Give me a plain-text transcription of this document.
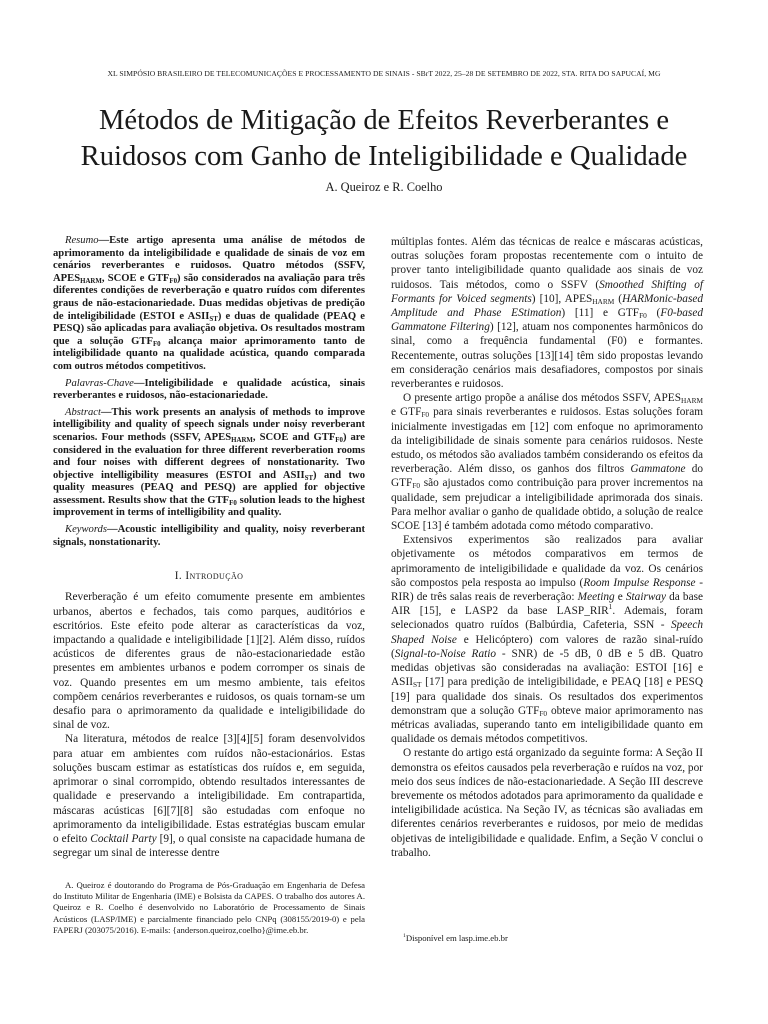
XL SIMPÓSIO BRASILEIRO DE TELECOMUNICAÇÕES E PROCESSAMENTO DE SINAIS - SBrT 2022, 25–28 DE SETEMBRO DE 2022, STA. RITA DO SAPUCAÍ, MG
Métodos de Mitigação de Efeitos Reverberantes e
Ruidosos com Ganho de Inteligibilidade e Qualidade
A. Queiroz e R. Coelho

Resumo—Este artigo apresenta uma análise de métodos de aprimoramento da inteligibilidade e qualidade de sinais de voz em cenários reverberantes e ruidosos. Quatro métodos (SSFV, $APES_{HARM}$, SCOE e $GTF_{F0}$) são considerados na avaliação para três diferentes condições de reverberação e quatro ruídos com diferentes graus de não-estacionariedade. Duas medidas objetivas de predição de inteligibilidade (ESTOI e $ASII_{ST}$) e duas de qualidade (PEAQ e PESQ) são aplicadas para avaliação objetiva. Os resultados mostram que a solução $GTF_{F0}$ alcança maior aprimoramento tanto de inteligibilidade quanto na qualidade acústica, quando comparada com outros métodos competitivos.

Palavras-Chave—Inteligibilidade e qualidade acústica, sinais reverberantes e ruidosos, não-estacionariedade.

Abstract—This work presents an analysis of methods to improve intelligibility and quality of speech signals under noisy reverberant scenarios. Four methods (SSFV, $APES_{HARM}$, SCOE and $GTF_{F0}$) are considered in the evaluation for three different reverberation rooms and four noises with different degrees of nonstationarity. Two objective intelligibility measures (ESTOI and $ASII_{ST}$) and two quality measures (PEAQ and PESQ) are applied for objective assessment. Results show that the $GTF_{F0}$ solution leads to the highest improvement in terms of intelligibility and quality.

Keywords—Acoustic intelligibility and quality, noisy reverberant signals, nonstationarity.

I. Introdução

Reverberação é um efeito comumente presente em ambientes urbanos, abertos e fechados, tais como parques, auditórios e escritórios. Este efeito pode alterar as características da voz, impactando a qualidade e inteligibilidade [1][2]. Além disso, ruídos acústicos de diferentes graus de não-estacionariedade estão presentes em ambientes urbanos e podem corromper os sinais de voz. Quando presentes em um mesmo ambiente, tais efeitos compõem cenários reverberantes e ruidosos, os quais tornam-se um desafio para o aprimoramento da qualidade e inteligibilidade do sinal de voz.

Na literatura, métodos de realce [3][4][5] foram desenvolvidos para atuar em ambientes com ruídos não-estacionários. Estas soluções buscam estimar as estatísticas dos ruídos e, em seguida, aprimorar o sinal corrompido, obtendo resultados interessantes de qualidade e preservando a inteligibilidade. Em contrapartida, máscaras acústicas [6][7][8] são estudadas com enfoque no aprimoramento da inteligibilidade. Estas estratégias buscam emular o efeito Cocktail Party [9], o qual consiste na capacidade humana de segregar um sinal de interesse dentre

A. Queiroz é doutorando do Programa de Pós-Graduação em Engenharia de Defesa do Instituto Militar de Engenharia (IME) e Bolsista da CAPES. O trabalho dos autores A. Queiroz e R. Coelho é desenvolvido no Laboratório de Processamento de Sinais Acústicos (LASP/IME) e parcialmente financiado pelo CNPq (308155/2019-0) e pela FAPERJ (203075/2016). E-mails: {anderson.queiroz,coelho}@ime.eb.br.

múltiplas fontes. Além das técnicas de realce e máscaras acústicas, outras soluções foram propostas recentemente com o intuito de prover tanto inteligibilidade quanto qualidade aos sinais de voz ruidosos. Tais métodos, como o SSFV (Smoothed Shifting of Formants for Voiced segments) [10], $APES_{HARM}$ (HARMonic-based Amplitude and Phase EStimation) [11] e $GTF_{F0}$ (F0-based Gammatone Filtering) [12], atuam nos componentes harmônicos do sinal, como a frequência fundamental (F0) e formantes. Recentemente, outras soluções [13][14] têm sido propostas levando em consideração cenários mais desafiadores, compostos por sinais reverberantes e ruidosos.

O presente artigo propõe a análise dos métodos SSFV, $APES_{HARM}$ e $GTF_{F0}$ para sinais reverberantes e ruidosos. Estas soluções foram inicialmente investigadas em [12] com enfoque no aprimoramento da inteligibilidade de sinais somente para cenários ruidosos. Neste estudo, os métodos são avaliados também considerando os efeitos da reverberação. Além disso, os ganhos dos filtros Gammatone do $GTF_{F0}$ são ajustados como contribuição para prover incrementos na qualidade, sem prejudicar a inteligibilidade aprimorada dos sinais. Para melhor avaliar o ganho de qualidade obtido, a solução de realce SCOE [13] é também adotada como método comparativo.

Extensivos experimentos são realizados para avaliar objetivamente os métodos comparativos em termos de aprimoramento de inteligibilidade e qualidade da voz. Os cenários são compostos pela resposta ao impulso (Room Impulse Response - RIR) de três salas reais de reverberação: Meeting e Stairway da base AIR [15], e LASP2 da base LASP_RIR$^1$. Ademais, foram selecionados quatro ruídos (Balbúrdia, Cafeteria, SSN - Speech Shaped Noise e Helicóptero) com valores de razão sinal-ruído (Signal-to-Noise Ratio - SNR) de -5 dB, 0 dB e 5 dB. Quatro medidas objetivas são consideradas na avaliação: ESTOI [16] e $ASII_{ST}$ [17] para predição de inteligibilidade, e PEAQ [18] e PESQ [19] para qualidade dos sinais. Os resultados dos experimentos demonstram que a solução $GTF_{F0}$ obteve maior aprimoramento nas métricas avaliadas, superando tanto em inteligibilidade quanto em qualidade os demais métodos competitivos.

O restante do artigo está organizado da seguinte forma: A Seção II demonstra os efeitos causados pela reverberação e ruídos na voz, por meio dos seus índices de não-estacionariedade. A Seção III descreve brevemente os métodos adotados para aprimoramento da qualidade e inteligibilidade acústica. Na Seção IV, as técnicas são avaliadas em diferentes cenários reverberantes e ruidosos, por meio de medidas objetivas de inteligibilidade e qualidade. Enfim, a Seção V conclui o trabalho.

$^1$Disponível em lasp.ime.eb.br
